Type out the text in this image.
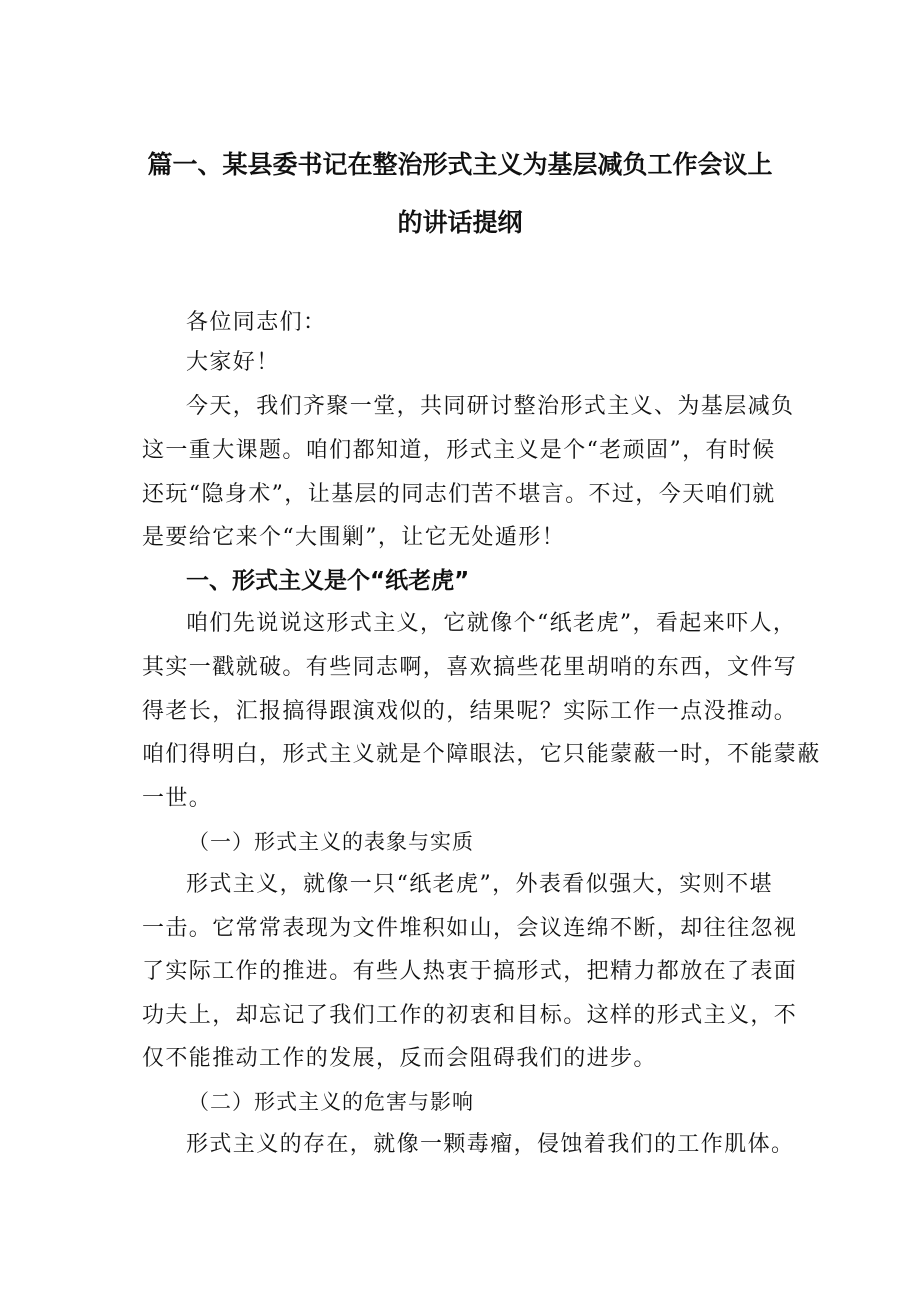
篇一、某县委书记在整治形式主义为基层减负工作会议上
的讲话提纲
各位同志们：
大家好！
今天，我们齐聚一堂，共同研讨整治形式主义、为基层减负
这一重大课题。咱们都知道，形式主义是个“老顽固”，有时候
还玩“隐身术”，让基层的同志们苦不堪言。不过，今天咱们就
是要给它来个“大围剿”，让它无处遁形！
一、形式主义是个“纸老虎”
咱们先说说这形式主义，它就像个“纸老虎”，看起来吓人，
其实一戳就破。有些同志啊，喜欢搞些花里胡哨的东西，文件写
得老长，汇报搞得跟演戏似的，结果呢？实际工作一点没推动。
咱们得明白，形式主义就是个障眼法，它只能蒙蔽一时，不能蒙蔽
一世。
（一）形式主义的表象与实质
形式主义，就像一只“纸老虎”，外表看似强大，实则不堪
一击。它常常表现为文件堆积如山，会议连绵不断，却往往忽视
了实际工作的推进。有些人热衷于搞形式，把精力都放在了表面
功夫上，却忘记了我们工作的初衷和目标。这样的形式主义，不
仅不能推动工作的发展，反而会阻碍我们的进步。
（二）形式主义的危害与影响
形式主义的存在，就像一颗毒瘤，侵蚀着我们的工作肌体。
